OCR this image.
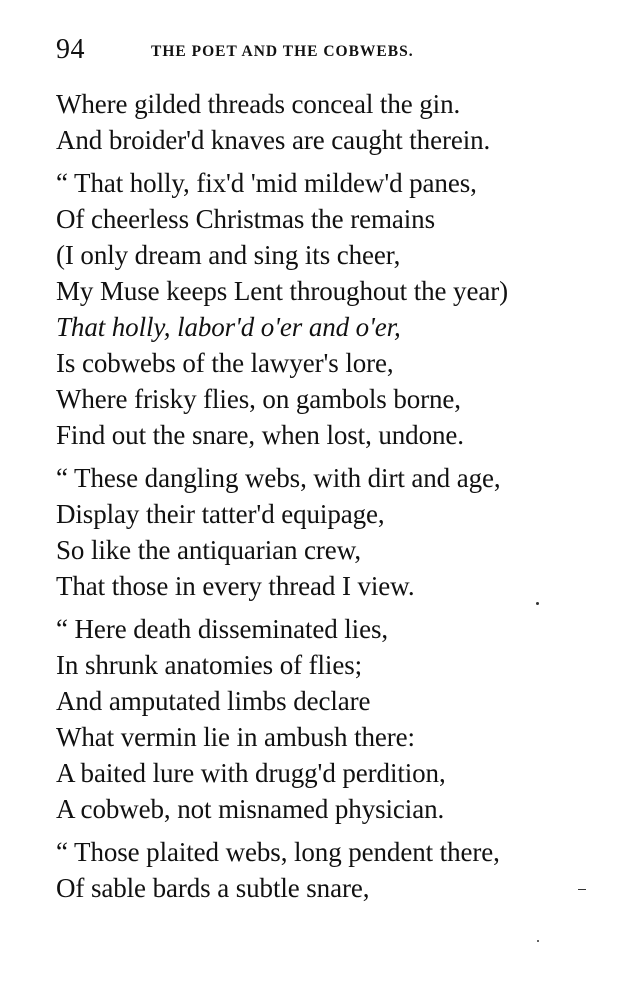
94	THE POET AND THE COBWEBS.
Where gilded threads conceal the gin.
And broider'd knaves are caught therein.
“ That holly, fix'd 'mid mildew'd panes,
Of cheerless Christmas the remains
(I only dream and sing its cheer,
My Muse keeps Lent throughout the year)
That holly, labor'd o'er and o'er,
Is cobwebs of the lawyer's lore,
Where frisky flies, on gambols borne,
Find out the snare, when lost, undone.
“ These dangling webs, with dirt and age,
Display their tatter'd equipage,
So like the antiquarian crew,
That those in every thread I view.
“ Here death disseminated lies,
In shrunk anatomies of flies;
And amputated limbs declare
What vermin lie in ambush there:
A baited lure with drugg'd perdition,
A cobweb, not misnamed physician.
“ Those plaited webs, long pendent there,
Of sable bards a subtle snare,
